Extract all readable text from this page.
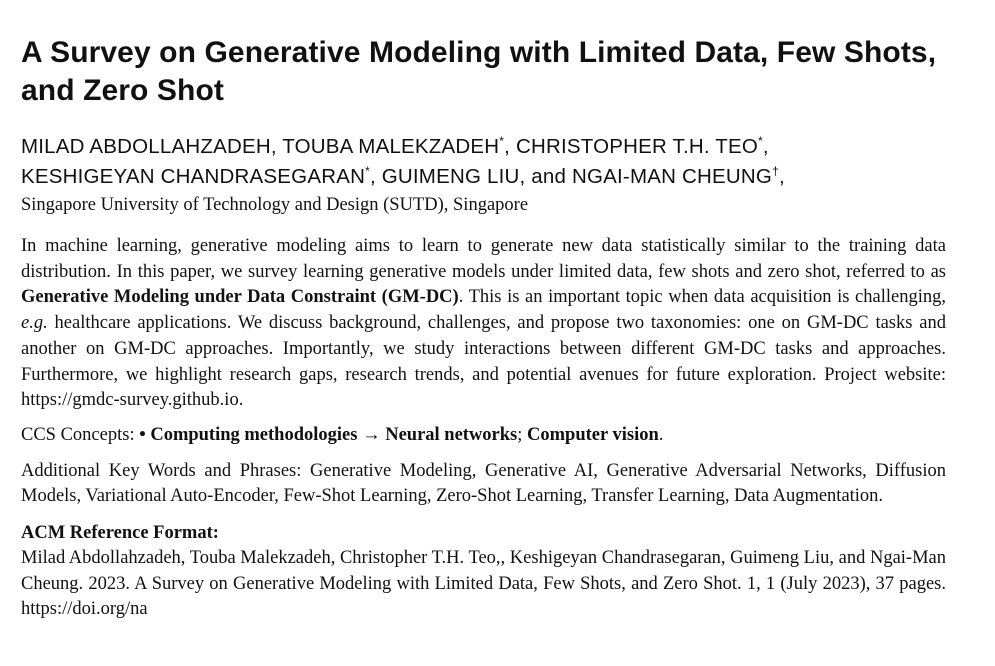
A Survey on Generative Modeling with Limited Data, Few Shots, and Zero Shot
MILAD ABDOLLAHZADEH, TOUBA MALEKZADEH*, CHRISTOPHER T.H. TEO*,
KESHIGEYAN CHANDRASEGARAN*, GUIMENG LIU, and NGAI-MAN CHEUNG†,
Singapore University of Technology and Design (SUTD), Singapore
In machine learning, generative modeling aims to learn to generate new data statistically similar to the training data distribution. In this paper, we survey learning generative models under limited data, few shots and zero shot, referred to as Generative Modeling under Data Constraint (GM-DC). This is an important topic when data acquisition is challenging, e.g. healthcare applications. We discuss background, challenges, and propose two taxonomies: one on GM-DC tasks and another on GM-DC approaches. Importantly, we study interactions between different GM-DC tasks and approaches. Furthermore, we highlight research gaps, research trends, and potential avenues for future exploration. Project website: https://gmdc-survey.github.io.
CCS Concepts: • Computing methodologies → Neural networks; Computer vision.
Additional Key Words and Phrases: Generative Modeling, Generative AI, Generative Adversarial Networks, Diffusion Models, Variational Auto-Encoder, Few-Shot Learning, Zero-Shot Learning, Transfer Learning, Data Augmentation.
ACM Reference Format:
Milad Abdollahzadeh, Touba Malekzadeh, Christopher T.H. Teo,, Keshigeyan Chandrasegaran, Guimeng Liu, and Ngai-Man Cheung. 2023. A Survey on Generative Modeling with Limited Data, Few Shots, and Zero Shot. 1, 1 (July 2023), 37 pages. https://doi.org/na
